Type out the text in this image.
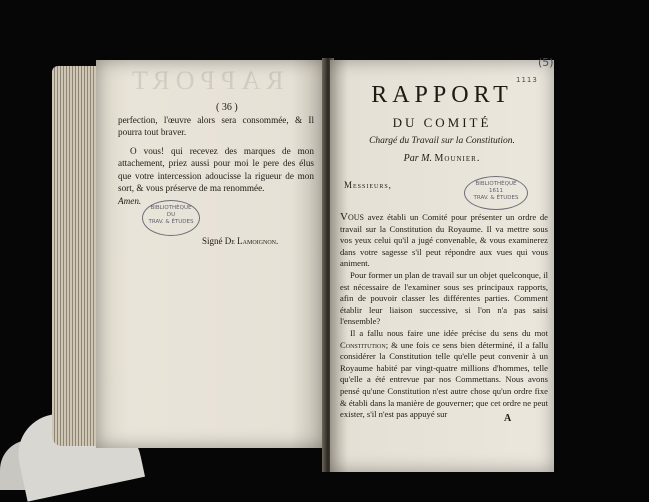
RAPPORT
( 36 )

perfection, l'œuvre alors sera consommée, & Il pourra tout braver.

O vous! qui recevez des marques de mon attachement, priez aussi pour moi le pere des élus que votre intercession adoucisse la rigueur de mon sort, & vous préserve de ma renommée.

Amen.
BIBLIOTHÈQUE
DU
TRAV. & ÉTUDES
Signé De Lamoignon.
RAPPORT
DU COMITÉ
Chargé du Travail sur la Constitution.
Par M. Mounier.
Messieurs,	BIBLIOTHÈQUE
1611
TRAV. & ÉTUDES

Vous avez établi un Comité pour présenter un ordre de travail sur la Constitution du Royaume. Il va mettre sous vos yeux celui qu'il a jugé convenable, & vous examinerez dans votre sagesse s'il peut répondre aux vues qui vous animent.

Pour former un plan de travail sur un objet quelconque, il est nécessaire de l'examiner sous ses principaux rapports, afin de pouvoir classer les différentes parties. Comment établir leur liaison successive, si l'on n'a pas saisi l'ensemble?

Il a fallu nous faire une idée précise du sens du mot Constitution; & une fois ce sens bien déterminé, il a fallu considérer la Constitution telle qu'elle peut convenir à un Royaume habité par vingt-quatre millions d'hommes, telle qu'elle a été entrevue par nos Commettans. Nous avons pensé qu'une Constitution n'est autre chose qu'un ordre fixe & établi dans la manière de gouverner; que cet ordre ne peut exister, s'il n'est pas appuyé sur	A
(5)
1113
